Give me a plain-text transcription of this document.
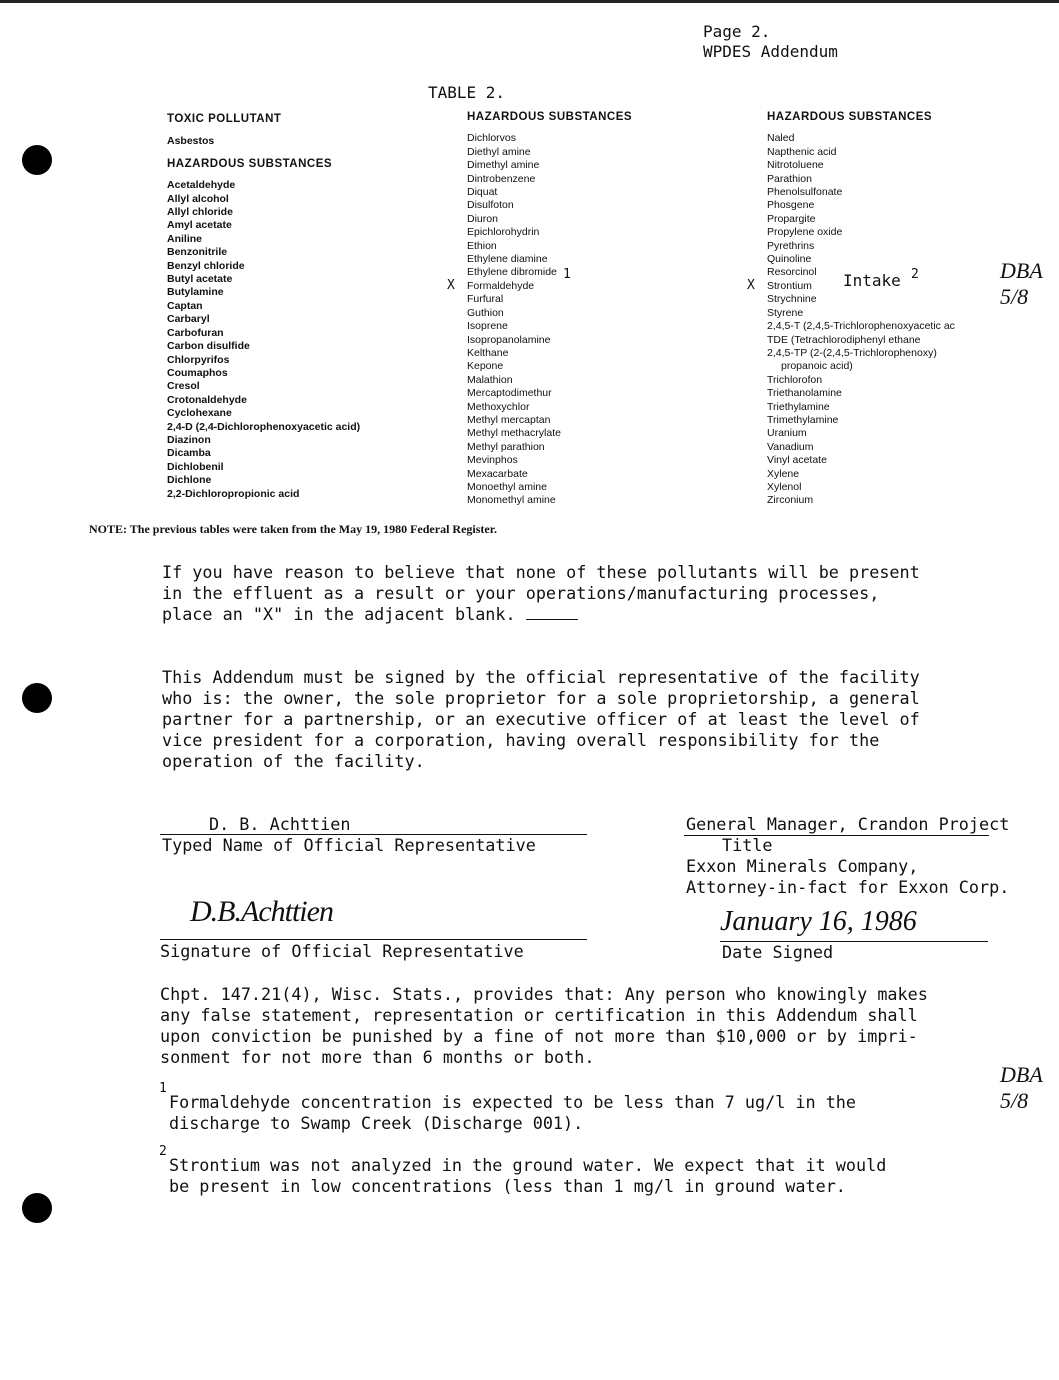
Page 2.
WPDES Addendum
TABLE 2.
TOXIC POLLUTANT
Asbestos
HAZARDOUS SUBSTANCES
Acetaldehyde
Allyl alcohol
Allyl chloride
Amyl acetate
Aniline
Benzonitrile
Benzyl chloride
Butyl acetate
Butylamine
Captan
Carbaryl
Carbofuran
Carbon disulfide
Chlorpyrifos
Coumaphos
Cresol
Crotonaldehyde
Cyclohexane
2,4-D (2,4-Dichlorophenoxyacetic acid)
Diazinon
Dicamba
Dichlobenil
Dichlone
2,2-Dichloropropionic acid
HAZARDOUS SUBSTANCES
Dichlorvos
Diethyl amine
Dimethyl amine
Dintrobenzene
Diquat
Disulfoton
Diuron
Epichlorohydrin
Ethion
Ethylene diamine
Ethylene dibromide
X Formaldehyde
1
Furfural
Guthion
Isoprene
Isopropanolamine
Kelthane
Kepone
Malathion
Mercaptodimethur
Methoxychlor
Methyl mercaptan
Methyl methacrylate
Methyl parathion
Mevinphos
Mexacarbate
Monoethyl amine
Monomethyl amine
HAZARDOUS SUBSTANCES
Naled
Napthenic acid
Nitrotoluene
Parathion
Phenolsulfonate
Phosgene
Propargite
Propylene oxide
Pyrethrins
Quinoline
Resorcinol
X Strontium Intake 2
Strychnine
Styrene
2,4,5-T (2,4,5-Trichlorophenoxyacetic ac
TDE (Tetrachlorodiphenyl ethane
2,4,5-TP (2-(2,4,5-Trichlorophenoxy)
propanoic acid)
Trichlorofon
Triethanolamine
Triethylamine
Trimethylamine
Uranium
Vanadium
Vinyl acetate
Xylene
Xylenol
Zirconium
DBA 5/8
DBA 5/8
NOTE: The previous tables were taken from the May 19, 1980 Federal Register.
If you have reason to believe that none of these pollutants will be present
in the effluent as a result or your operations/manufacturing processes,
place an "X" in the adjacent blank.
This Addendum must be signed by the official representative of the facility
who is: the owner, the sole proprietor for a sole proprietorship, a general
partner for a partnership, or an executive officer of at least the level of
vice president for a corporation, having overall responsibility for the
operation of the facility.
D. B. Achttien
Typed Name of Official Representative
General Manager, Crandon Project
Title
Exxon Minerals Company,
Attorney-in-fact for Exxon Corp.
D.B.Achttien
Signature of Official Representative
January 16, 1986
Date Signed
Chpt. 147.21(4), Wisc. Stats., provides that: Any person who knowingly makes
any false statement, representation or certification in this Addendum shall
upon conviction be punished by a fine of not more than $10,000 or by impri-
sonment for not more than 6 months or both.
1
Formaldehyde concentration is expected to be less than 7 ug/l in the
discharge to Swamp Creek (Discharge 001).
2
Strontium was not analyzed in the ground water. We expect that it would
be present in low concentrations (less than 1 mg/l in ground water.
